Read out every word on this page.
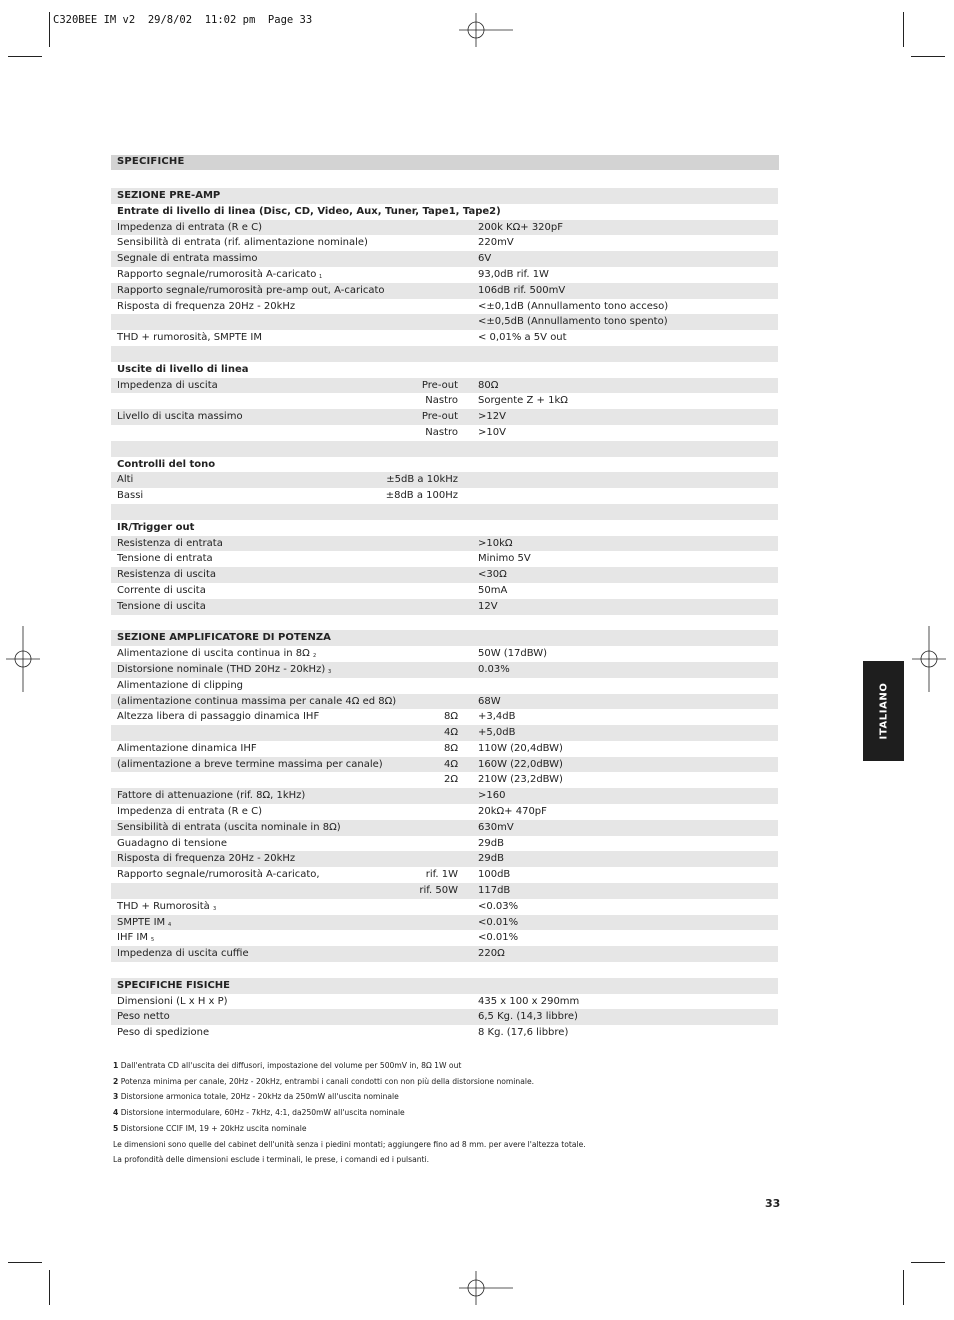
C320BEE IM v2  29/8/02  11:02 pm  Page 33
SPECIFICHE
SEZIONE PRE-AMP
Entrate di livello di linea (Disc, CD, Video, Aux, Tuner, Tape1, Tape2)
Impedenza di entrata (R e C)	200k KΩ+ 320pF
Sensibilità di entrata (rif. alimentazione nominale)	220mV
Segnale di entrata massimo	6V
Rapporto segnale/rumorosità A-caricato 1	93,0dB rif. 1W
Rapporto segnale/rumorosità pre-amp out, A-caricato	106dB rif. 500mV
Risposta di frequenza 20Hz - 20kHz	<±0,1dB (Annullamento tono acceso)
<±0,5dB (Annullamento tono spento)
THD + rumorosità, SMPTE IM	< 0,01% a 5V out
Uscite di livello di linea
Impedenza di uscita	Pre-out 80Ω
Nastro Sorgente Z + 1kΩ
Livello di uscita massimo	Pre-out >12V
Nastro >10V
Controlli del tono
Alti	±5dB a 10kHz
Bassi	±8dB a 100Hz
IR/Trigger out
Resistenza di entrata	>10kΩ
Tensione di entrata	Minimo 5V
Resistenza di uscita	<30Ω
Corrente di uscita	50mA
Tensione di uscita	12V
SEZIONE AMPLIFICATORE DI POTENZA
Alimentazione di uscita continua in 8Ω 2	50W (17dBW)
Distorsione nominale (THD 20Hz - 20kHz) 3	0.03%
Alimentazione di clipping
(alimentazione continua massima per canale 4Ω ed 8Ω)	68W
Altezza libera di passaggio dinamica IHF	8Ω +3,4dB
4Ω +5,0dB
Alimentazione dinamica IHF	8Ω 110W (20,4dBW)
(alimentazione a breve termine massima per canale)	4Ω 160W (22,0dBW)
2Ω 210W (23,2dBW)
Fattore di attenuazione (rif. 8Ω, 1kHz)	>160
Impedenza di entrata (R e C)	20kΩ+ 470pF
Sensibilità di entrata (uscita nominale in 8Ω)	630mV
Guadagno di tensione	29dB
Risposta di frequenza 20Hz - 20kHz	29dB
Rapporto segnale/rumorosità A-caricato,	rif. 1W 100dB
rif. 50W 117dB
THD + Rumorosità 3	<0.03%
SMPTE IM 4	<0.01%
IHF IM 5	<0.01%
Impedenza di uscita cuffie	220Ω
SPECIFICHE FISICHE
Dimensioni (L x H x P)	435 x 100 x 290mm
Peso netto	6,5 Kg. (14,3 libbre)
Peso di spedizione	8 Kg. (17,6 libbre)
1 Dall'entrata CD all'uscita dei diffusori, impostazione del volume per 500mV in, 8Ω 1W out
2 Potenza minima per canale, 20Hz - 20kHz, entrambi i canali condotti con non più della distorsione nominale.
3 Distorsione armonica totale, 20Hz - 20kHz da 250mW all'uscita nominale
4 Distorsione intermodulare, 60Hz - 7kHz, 4:1, da250mW all'uscita nominale
5 Distorsione CCIF IM, 19 + 20kHz uscita nominale
Le dimensioni sono quelle del cabinet dell'unità senza i piedini montati; aggiungere fino ad 8 mm. per avere l'altezza totale.
La profondità delle dimensioni esclude i terminali, le prese, i comandi ed i pulsanti.
33
ITALIANO
